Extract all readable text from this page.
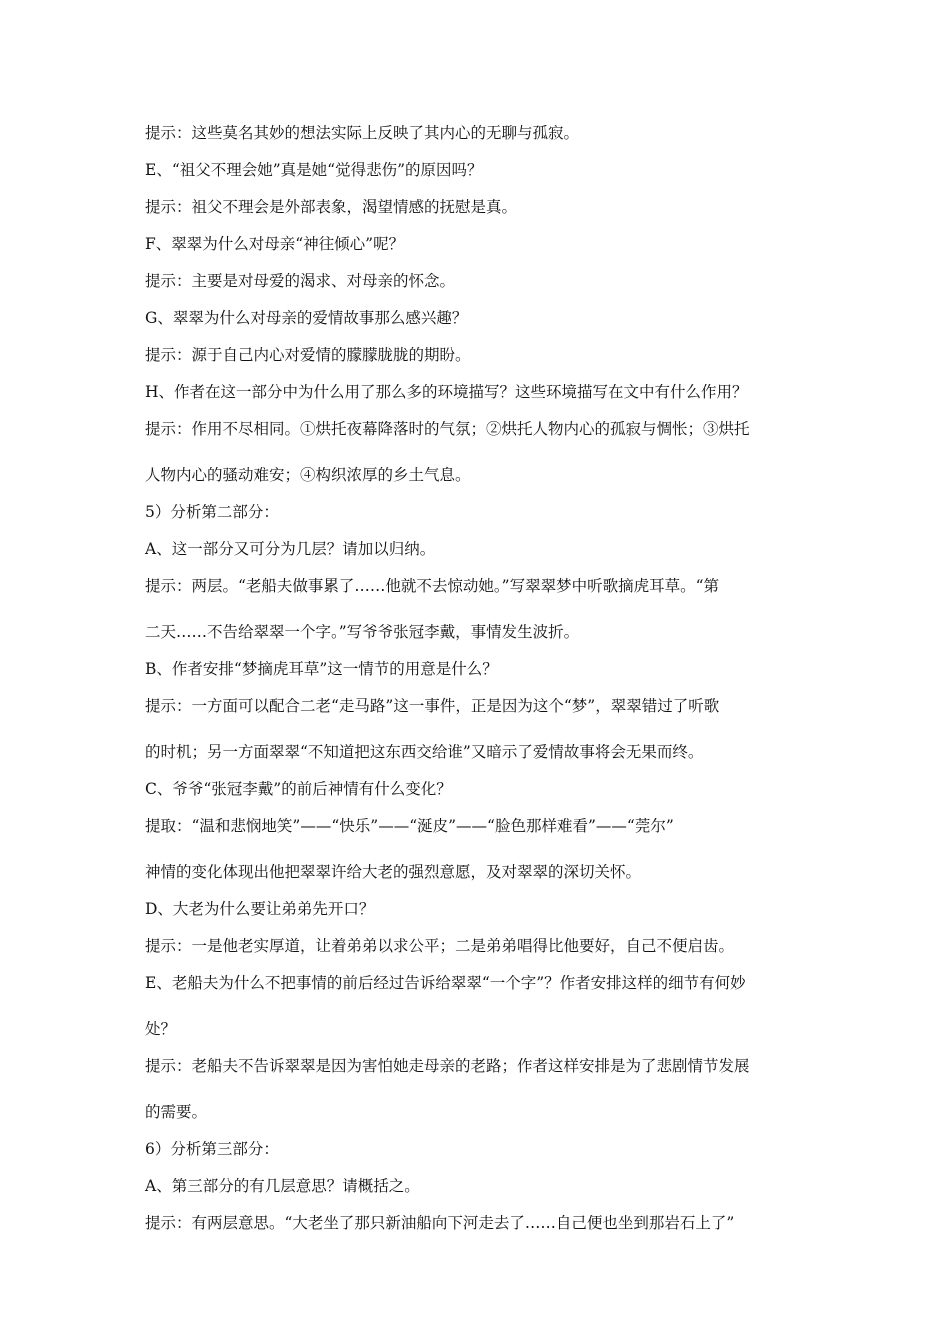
提示：这些莫名其妙的想法实际上反映了其内心的无聊与孤寂。

E、“祖父不理会她”真是她“觉得悲伤”的原因吗？

提示：祖父不理会是外部表象，渴望情感的抚慰是真。

F、翠翠为什么对母亲“神往倾心”呢？

提示：主要是对母爱的渴求、对母亲的怀念。

G、翠翠为什么对母亲的爱情故事那么感兴趣？

提示：源于自己内心对爱情的朦朦胧胧的期盼。

H、作者在这一部分中为什么用了那么多的环境描写？这些环境描写在文中有什么作用？

提示：作用不尽相同。①烘托夜幕降落时的气氛；②烘托人物内心的孤寂与惆怅；③烘托

人物内心的骚动难安；④构织浓厚的乡土气息。

5）分析第二部分：

A、这一部分又可分为几层？请加以归纳。

提示：两层。“老船夫做事累了……他就不去惊动她。”写翠翠梦中听歌摘虎耳草。“第

二天……不告给翠翠一个字。”写爷爷张冠李戴，事情发生波折。

B、作者安排“梦摘虎耳草”这一情节的用意是什么？

提示：一方面可以配合二老“走马路”这一事件，正是因为这个“梦”，翠翠错过了听歌

的时机；另一方面翠翠“不知道把这东西交给谁”又暗示了爱情故事将会无果而终。

C、爷爷“张冠李戴”的前后神情有什么变化？

提取：“温和悲悯地笑”——“快乐”——“涎皮”——“脸色那样难看”——“莞尔”

神情的变化体现出他把翠翠许给大老的强烈意愿，及对翠翠的深切关怀。

D、大老为什么要让弟弟先开口？

提示：一是他老实厚道，让着弟弟以求公平；二是弟弟唱得比他要好，自己不便启齿。

E、老船夫为什么不把事情的前后经过告诉给翠翠“一个字”？作者安排这样的细节有何妙

处？

提示：老船夫不告诉翠翠是因为害怕她走母亲的老路；作者这样安排是为了悲剧情节发展

的需要。

6）分析第三部分：

A、第三部分的有几层意思？请概括之。

提示：有两层意思。“大老坐了那只新油船向下河走去了……自己便也坐到那岩石上了”
